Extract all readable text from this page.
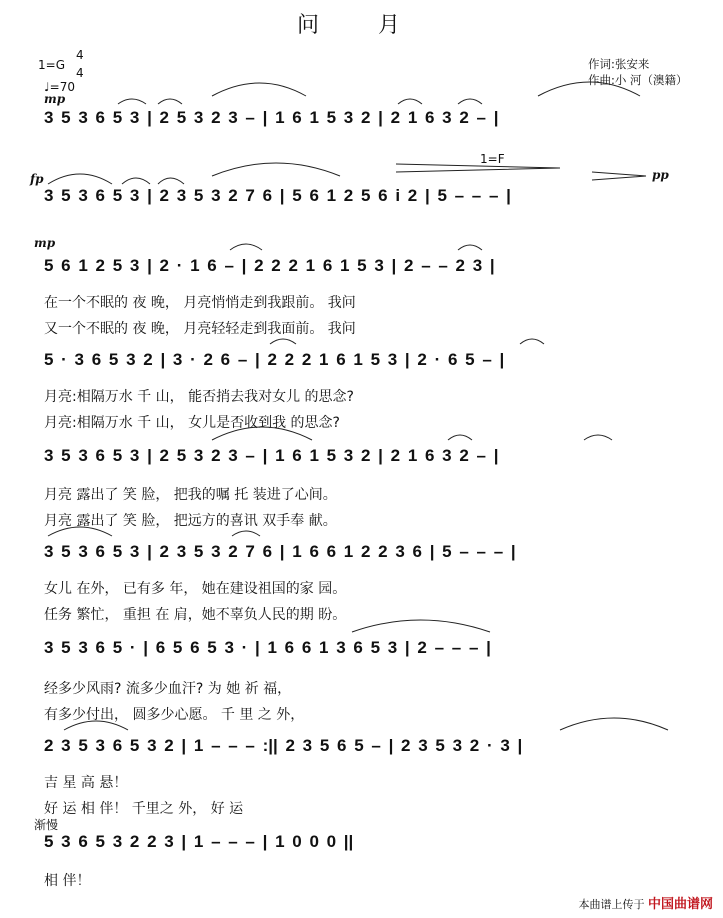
问 月
作词:张安来
作曲:小 河（澳籍）
1=G
4
4
♩=70
mp
3 5 3 6 5 3 | 2 5 3 2 3 – | 1 6 1 5 3 2 | 2 1 6 3 2 – |
fp
1=F
pp
3 5 3 6 5 3 | 2 3 5 3 2 7 6 | 5 6 1 2 5 6 i 2 | 5 – – – |
mp
5 6 1 2 5 3 | 2 · 1 6 – | 2 2 2 1 6 1 5 3 | 2 – – 2 3 |
在一个不眠的 夜 晚， 月亮悄悄走到我跟前。 我问
又一个不眠的 夜 晚， 月亮轻轻走到我面前。 我问
5 · 3 6 5 3 2 | 3 · 2 6 – | 2 2 2 1 6 1 5 3 | 2 · 6 5 – |
月亮:相隔万水 千 山， 能否捎去我对女儿 的思念?
月亮:相隔万水 千 山， 女儿是否收到我 的思念?
3 5 3 6 5 3 | 2 5 3 2 3 – | 1 6 1 5 3 2 | 2 1 6 3 2 – |
月亮 露出了 笑 脸， 把我的嘱 托 装进了心间。
月亮 露出了 笑 脸， 把远方的喜讯 双手奉 献。
3 5 3 6 5 3 | 2 3 5 3 2 7 6 | 1 6 6 1 2 2 3 6 | 5 – – – |
女儿 在外， 已有多 年， 她在建设祖国的家 园。
任务 繁忙， 重担 在 肩，她不辜负人民的期 盼。
3 5 3 6 5 · | 6 5 6 5 3 · | 1 6 6 1 3 6 5 3 | 2 – – – |
经多少风雨? 流多少血汗? 为 她 祈 福，
有多少付出， 圆多少心愿。 千 里 之 外，
2 3 5 3 6 5 3 2 | 1 – – – :|| 2 3 5 6 5 – | 2 3 5 3 2 · 3 |
吉 星 高 悬！
好 运 相 伴！ 千里之 外， 好 运
渐慢
5 3 6 5 3 2 2 3 | 1 – – – | 1 0 0 0 ||
相 伴！
本曲谱上传于 中国曲谱网
